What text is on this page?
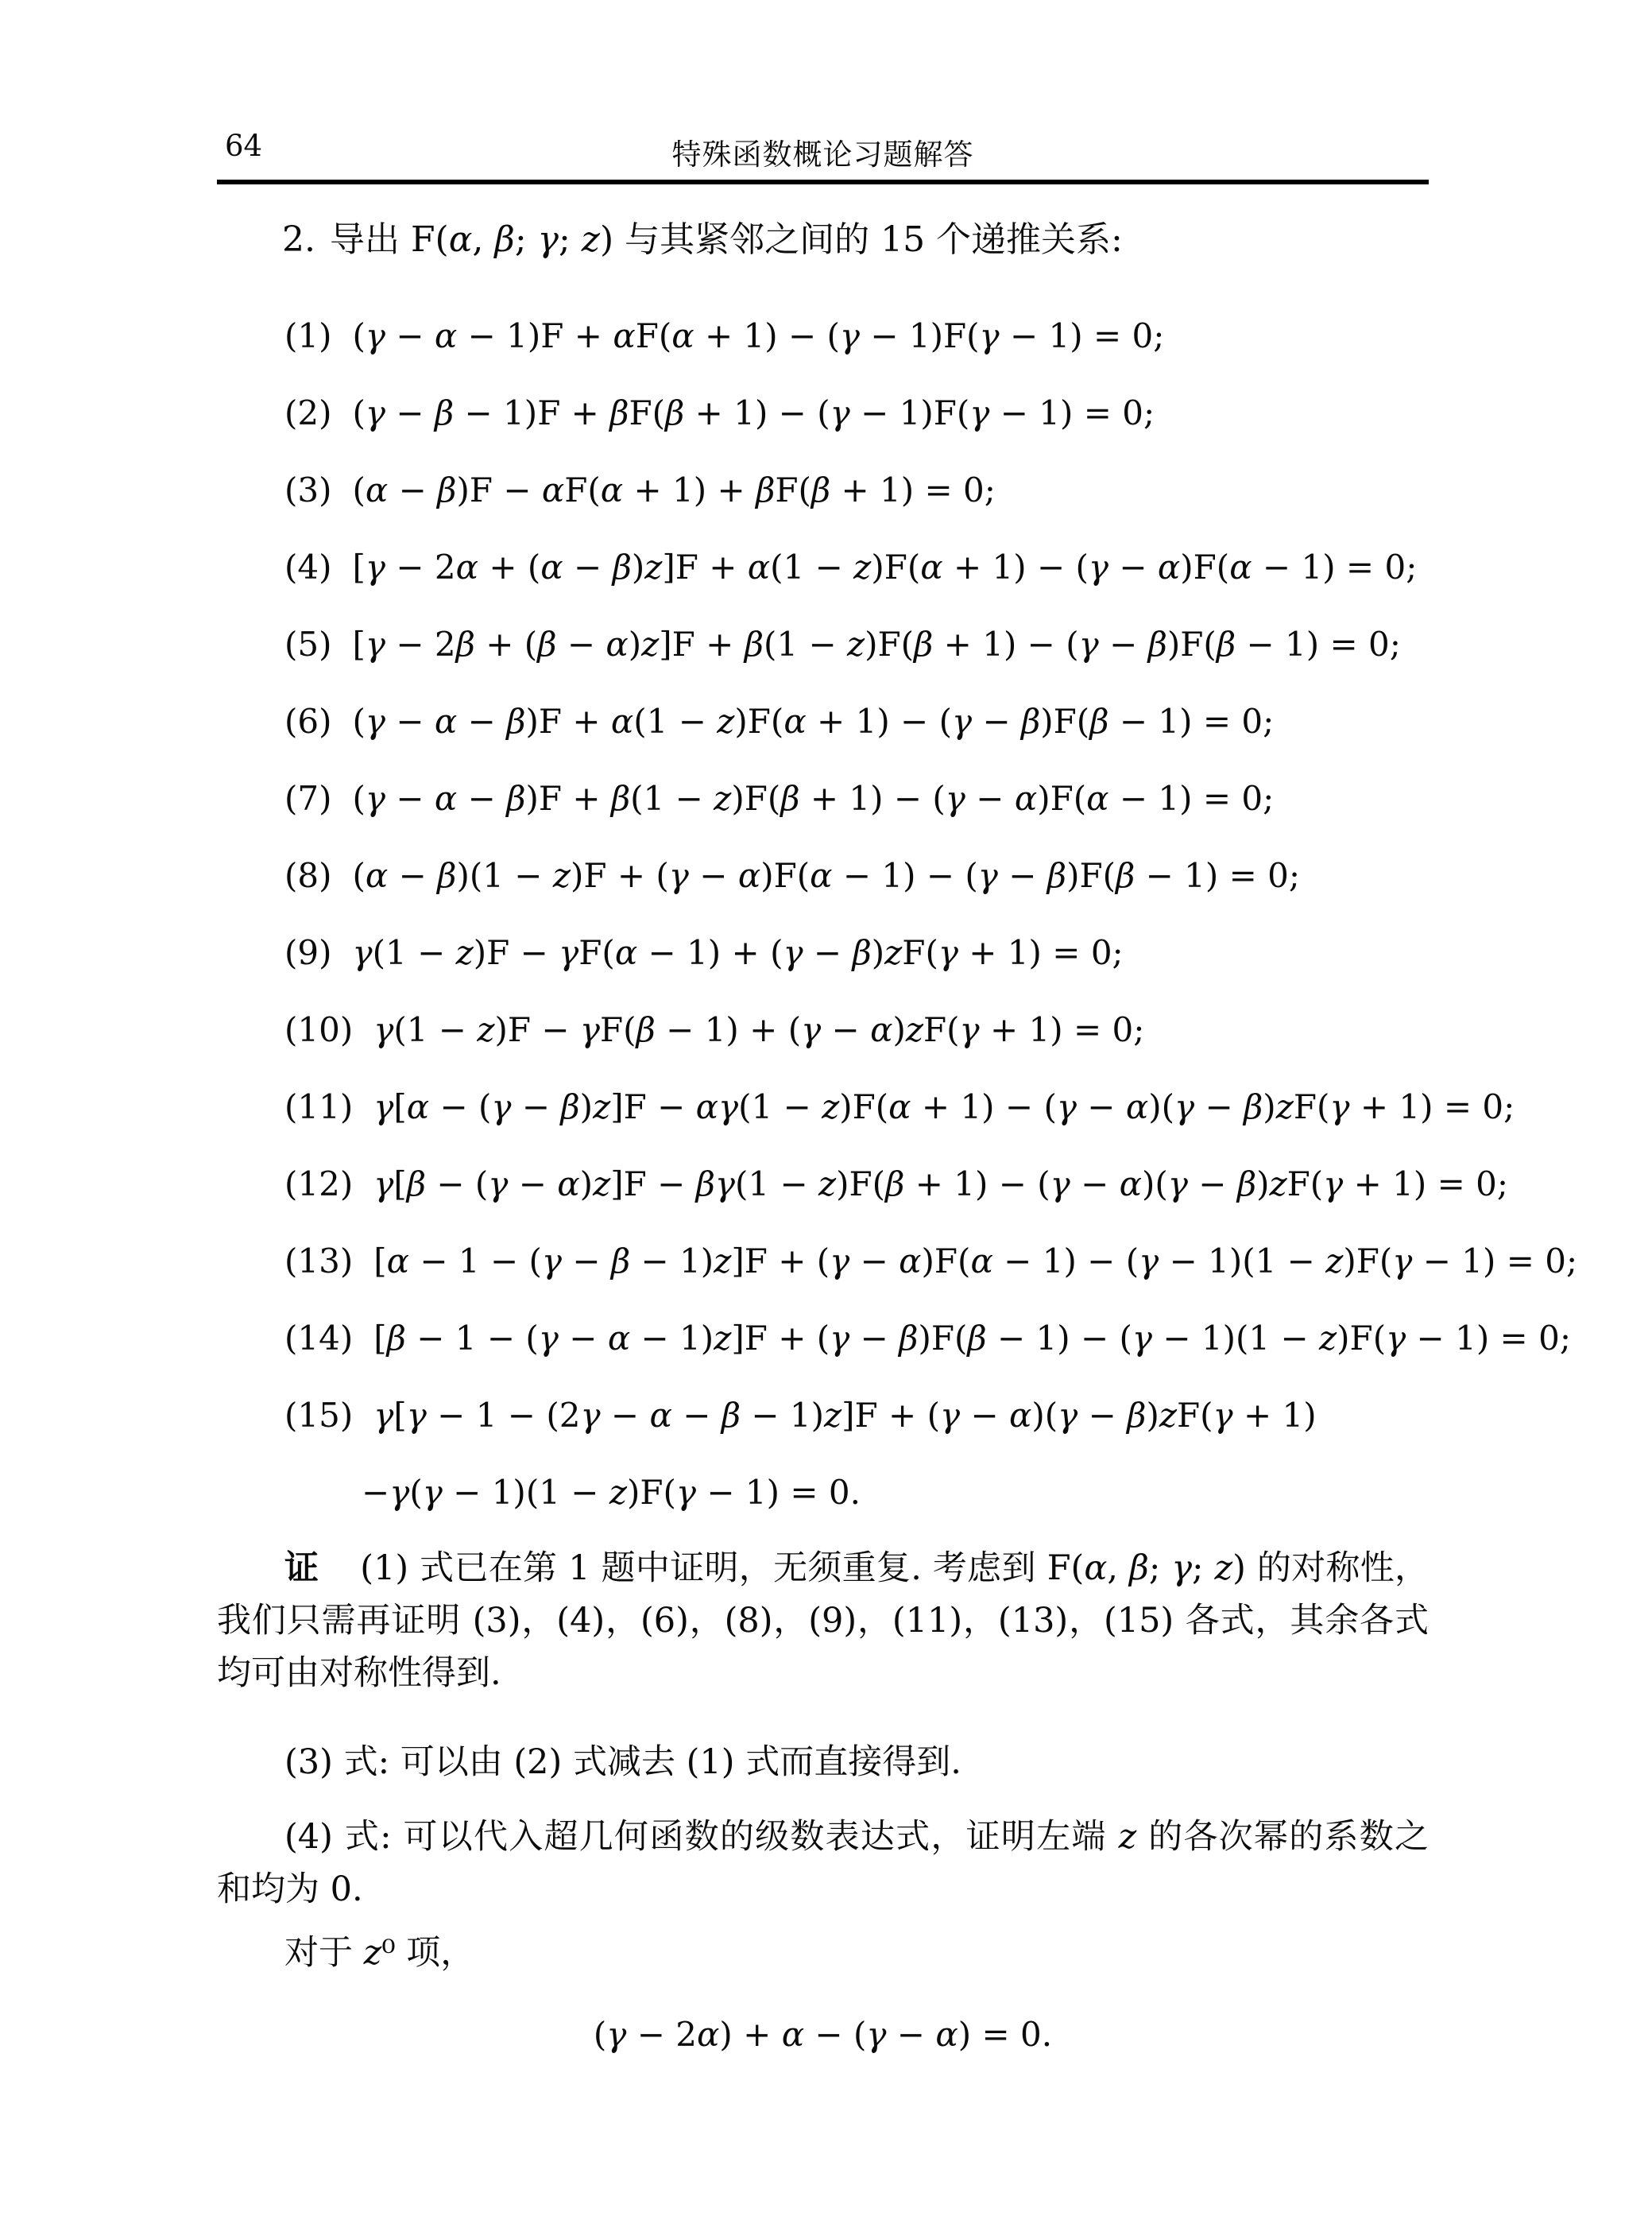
64	特殊函数概论习题解答
2. 导出 F(α, β; γ; z) 与其紧邻之间的 15 个递推关系:
(1) (γ − α − 1)F + αF(α + 1) − (γ − 1)F(γ − 1) = 0;
(2) (γ − β − 1)F + βF(β + 1) − (γ − 1)F(γ − 1) = 0;
(3) (α − β)F − αF(α + 1) + βF(β + 1) = 0;
(4) [γ − 2α + (α − β)z]F + α(1 − z)F(α + 1) − (γ − α)F(α − 1) = 0;
(5) [γ − 2β + (β − α)z]F + β(1 − z)F(β + 1) − (γ − β)F(β − 1) = 0;
(6) (γ − α − β)F + α(1 − z)F(α + 1) − (γ − β)F(β − 1) = 0;
(7) (γ − α − β)F + β(1 − z)F(β + 1) − (γ − α)F(α − 1) = 0;
(8) (α − β)(1 − z)F + (γ − α)F(α − 1) − (γ − β)F(β − 1) = 0;
(9) γ(1 − z)F − γF(α − 1) + (γ − β)zF(γ + 1) = 0;
(10) γ(1 − z)F − γF(β − 1) + (γ − α)zF(γ + 1) = 0;
(11) γ[α − (γ − β)z]F − αγ(1 − z)F(α + 1) − (γ − α)(γ − β)zF(γ + 1) = 0;
(12) γ[β − (γ − α)z]F − βγ(1 − z)F(β + 1) − (γ − α)(γ − β)zF(γ + 1) = 0;
(13) [α − 1 − (γ − β − 1)z]F + (γ − α)F(α − 1) − (γ − 1)(1 − z)F(γ − 1) = 0;
(14) [β − 1 − (γ − α − 1)z]F + (γ − β)F(β − 1) − (γ − 1)(1 − z)F(γ − 1) = 0;
(15) γ[γ − 1 − (2γ − α − β − 1)z]F + (γ − α)(γ − β)zF(γ + 1)
−γ(γ − 1)(1 − z)F(γ − 1) = 0.
证 (1) 式已在第 1 题中证明，无须重复. 考虑到 F(α, β; γ; z) 的对称性，我们只需再证明 (3)，(4)，(6)，(8)，(9)，(11)，(13)，(15) 各式，其余各式均可由对称性得到.
(3) 式: 可以由 (2) 式减去 (1) 式而直接得到.
(4) 式: 可以代入超几何函数的级数表达式，证明左端 z 的各次幂的系数之和均为 0.
对于 z⁰ 项，
(γ − 2α) + α − (γ − α) = 0.
